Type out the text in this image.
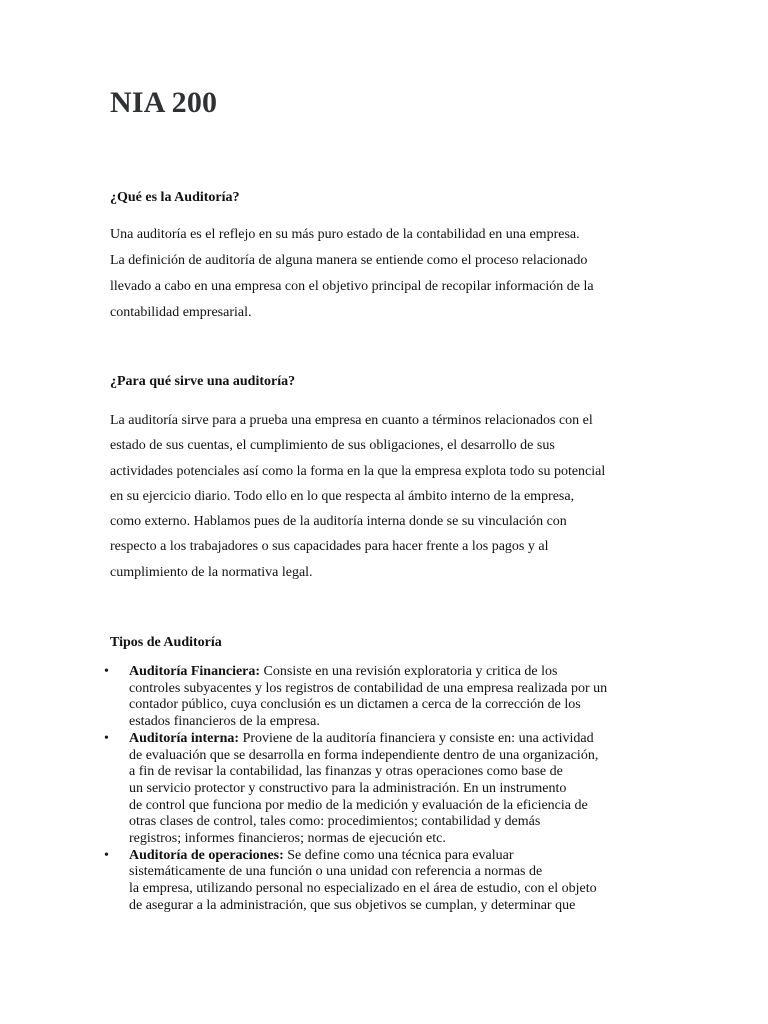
NIA 200
¿Qué es la Auditoría?

Una auditoría es el reflejo en su más puro estado de la contabilidad en una empresa.
La definición de auditoría de alguna manera se entiende como el proceso relacionado
llevado a cabo en una empresa con el objetivo principal de recopilar información de la
contabilidad empresarial.

¿Para qué sirve una auditoría?

La auditoría sirve para a prueba una empresa en cuanto a términos relacionados con el
estado de sus cuentas, el cumplimiento de sus obligaciones, el desarrollo de sus
actividades potenciales así como la forma en la que la empresa explota todo su potencial
en su ejercicio diario. Todo ello en lo que respecta al ámbito interno de la empresa,
como externo. Hablamos pues de la auditoría interna donde se su vinculación con
respecto a los trabajadores o sus capacidades para hacer frente a los pagos y al
cumplimiento de la normativa legal.

Tipos de Auditoría
• Auditoría Financiera: Consiste en una revisión exploratoria y critica de los
controles subyacentes y los registros de contabilidad de una empresa realizada por un
contador público, cuya conclusión es un dictamen a cerca de la corrección de los
estados financieros de la empresa.
• Auditoría interna: Proviene de la auditoría financiera y consiste en: una actividad
de evaluación que se desarrolla en forma independiente dentro de una organización,
a fin de revisar la contabilidad, las finanzas y otras operaciones como base de
un servicio protector y constructivo para la administración. En un instrumento
de control que funciona por medio de la medición y evaluación de la eficiencia de
otras clases de control, tales como: procedimientos; contabilidad y demás
registros; informes financieros; normas de ejecución etc.
• Auditoría de operaciones: Se define como una técnica para evaluar
sistemáticamente de una función o una unidad con referencia a normas de
la empresa, utilizando personal no especializado en el área de estudio, con el objeto
de asegurar a la administración, que sus objetivos se cumplan, y determinar que
